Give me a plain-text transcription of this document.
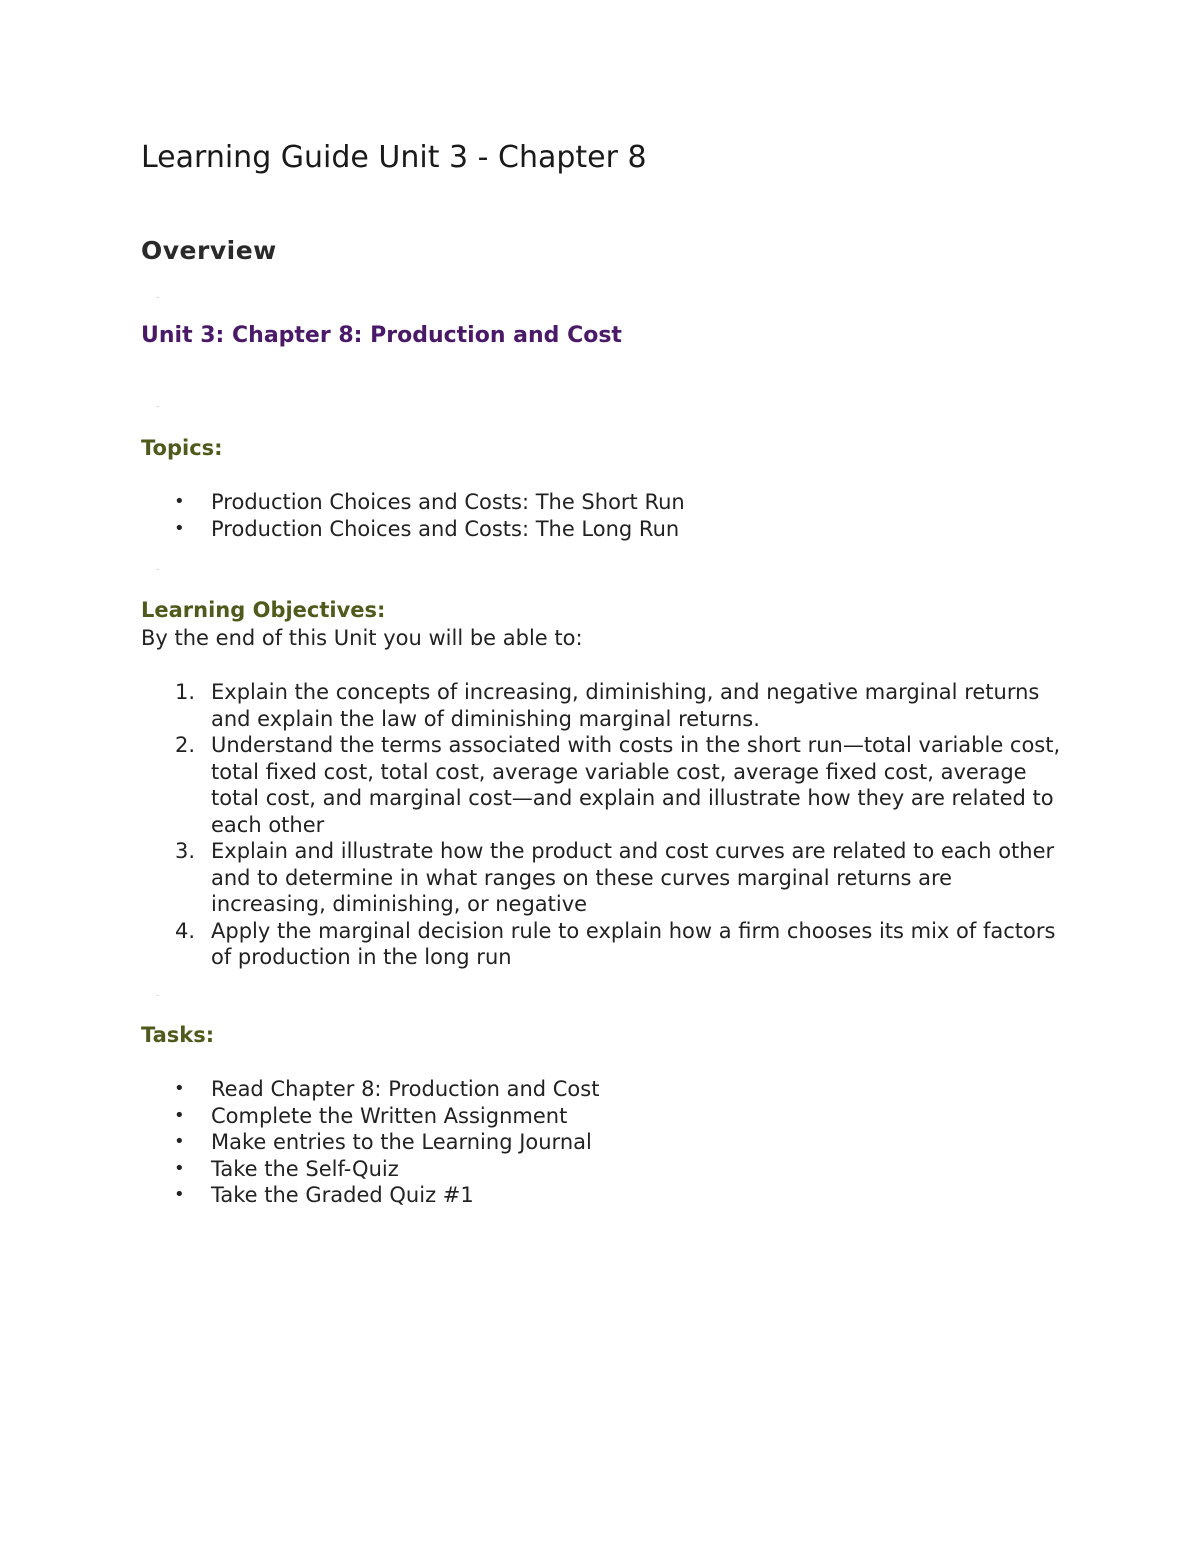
Learning Guide Unit 3 - Chapter 8
Overview
Unit 3: Chapter 8: Production and Cost
Topics:
• Production Choices and Costs: The Short Run
• Production Choices and Costs: The Long Run
Learning Objectives:

By the end of this Unit you will be able to:

Explain the concepts of increasing, diminishing, and negative marginal returns and explain the law of diminishing marginal returns.
Understand the terms associated with costs in the short run—total variable cost, total fixed cost, total cost, average variable cost, average fixed cost, average total cost, and marginal cost—and explain and illustrate how they are related to each other
Explain and illustrate how the product and cost curves are related to each other and to determine in what ranges on these curves marginal returns are increasing, diminishing, or negative
Apply the marginal decision rule to explain how a firm chooses its mix of factors of production in the long run
Tasks:
• Read Chapter 8: Production and Cost
• Complete the Written Assignment
• Make entries to the Learning Journal
• Take the Self-Quiz
• Take the Graded Quiz #1
